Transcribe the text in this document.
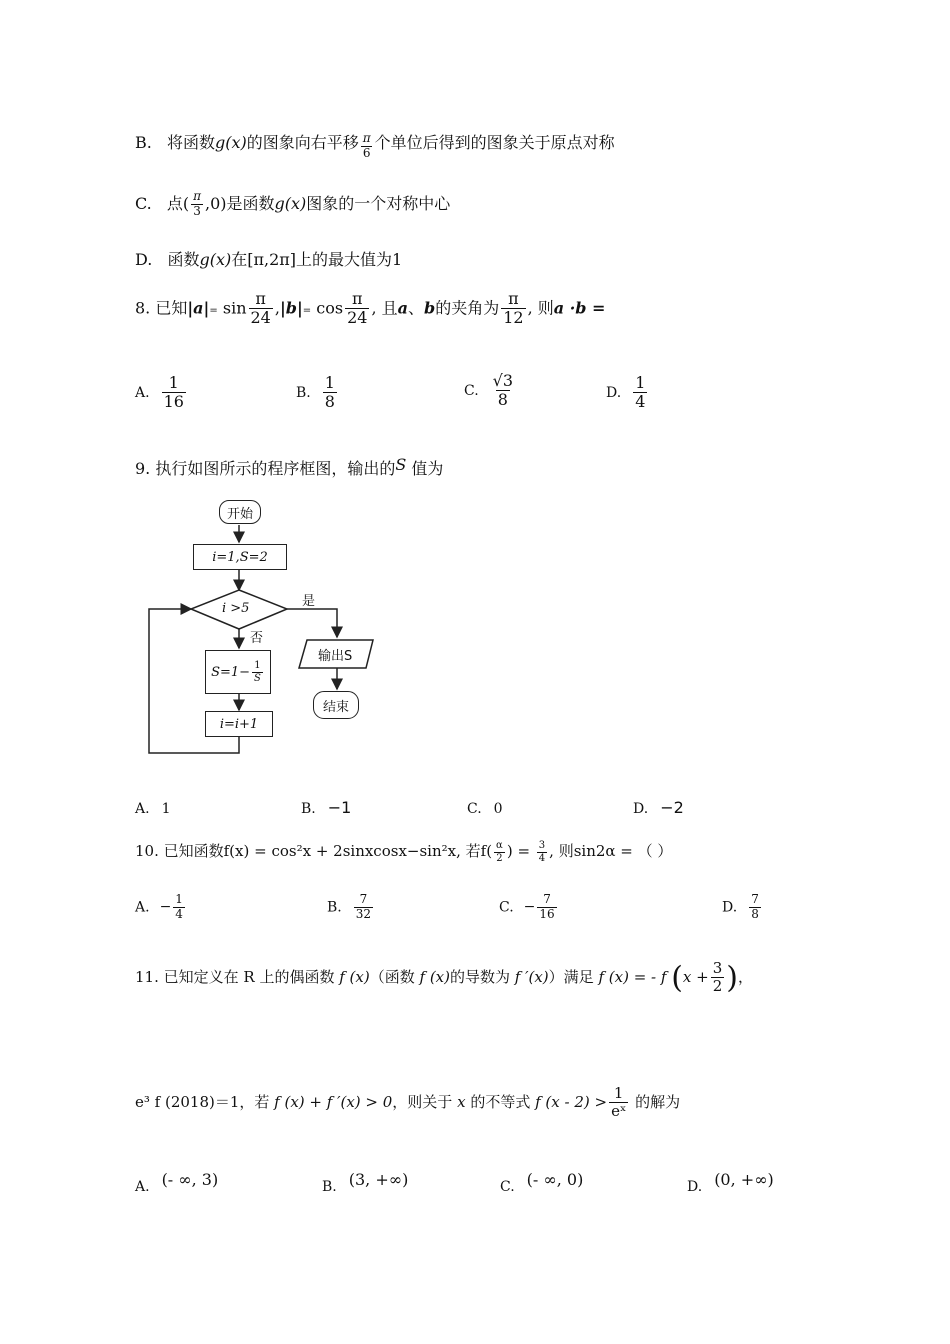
B. 将函数g(x)的图象向右平移 $\frac{\pi}{6}$ 个单位后得到的图象关于原点对称
C. 点( $\frac{\pi}{3} ,0$)是函数g(x)图象的一个对称中心
D. 函数g(x)在[π,2π]上的最大值为1
8. 已知$|a|= \sin \frac{\pi}{24} ,|b|= \cos \frac{\pi}{24}$ , 且a、b的夹角为 $\frac{\pi}{12}$ , 则a ·b =
A. $\frac{1}{16}$	B. $\frac{1}{8}$	C. $\frac{√3}{8}$	D. $\frac{1}{4}$
9. 执行如图所示的程序框图，输出的S 值为
开始
i=1,S=2
i >5	是
否
$S=1- \frac{1}{S}$
i=i+1
输出S
结束
A. 1	B. −1	C. 0	D. −2
10. 已知函数f(x) = cos²x + 2sinxcosx−sin²x, 若$f( \frac{\alpha}{2}$ ) = $\frac{3}{4}$ , 则sin2α = （ ）
A. − $\frac{1}{4}$	B. $\frac{7}{32}$	C. − $\frac{7}{16}$	D. $\frac{7}{8}$
11. 已知定义在 R 上的偶函数 f (x)（函数 f (x)的导数为 f ′(x)）满足 f (x) = - f ($x + \frac{3}{2}$ )，
e³ f (2018)＝1，若 f (x) + f ′(x) > 0，则关于 x 的不等式 f $(x - 2) > \frac{1}{\text{eˣ}}$ 的解为
A. (- ∞, 3)	B. (3, +∞)	C. (- ∞, 0)	D. (0, +∞)
